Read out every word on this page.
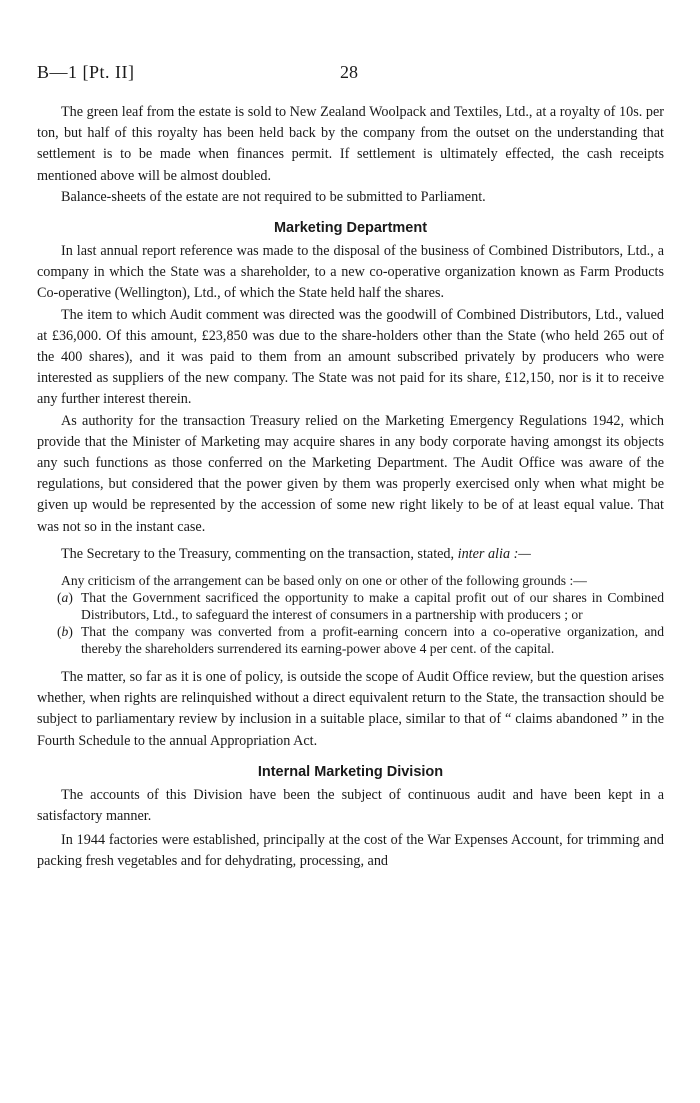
B—1 [Pt. II]	28

The green leaf from the estate is sold to New Zealand Woolpack and Textiles, Ltd., at a royalty of 10s. per ton, but half of this royalty has been held back by the company from the outset on the understanding that settlement is to be made when finances permit. If settlement is ultimately effected, the cash receipts mentioned above will be almost doubled.

Balance-sheets of the estate are not required to be submitted to Parliament.

Marketing Department

In last annual report reference was made to the disposal of the business of Combined Distributors, Ltd., a company in which the State was a shareholder, to a new co-operative organization known as Farm Products Co-operative (Wellington), Ltd., of which the State held half the shares.

The item to which Audit comment was directed was the goodwill of Combined Distributors, Ltd., valued at £36,000. Of this amount, £23,850 was due to the share-holders other than the State (who held 265 out of the 400 shares), and it was paid to them from an amount subscribed privately by producers who were interested as suppliers of the new company. The State was not paid for its share, £12,150, nor is it to receive any further interest therein.

As authority for the transaction Treasury relied on the Marketing Emergency Regulations 1942, which provide that the Minister of Marketing may acquire shares in any body corporate having amongst its objects any such functions as those conferred on the Marketing Department. The Audit Office was aware of the regulations, but considered that the power given by them was properly exercised only when what might be given up would be represented by the accession of some new right likely to be of at least equal value. That was not so in the instant case.

The Secretary to the Treasury, commenting on the transaction, stated, inter alia :—

Any criticism of the arrangement can be based only on one or other of the following grounds :—

(a) That the Government sacrificed the opportunity to make a capital profit out of our shares in Combined Distributors, Ltd., to safeguard the interest of consumers in a partnership with producers ; or

(b) That the company was converted from a profit-earning concern into a co-operative organization, and thereby the shareholders surrendered its earning-power above 4 per cent. of the capital.

The matter, so far as it is one of policy, is outside the scope of Audit Office review, but the question arises whether, when rights are relinquished without a direct equivalent return to the State, the transaction should be subject to parliamentary review by inclusion in a suitable place, similar to that of “ claims abandoned ” in the Fourth Schedule to the annual Appropriation Act.

Internal Marketing Division

The accounts of this Division have been the subject of continuous audit and have been kept in a satisfactory manner.

In 1944 factories were established, principally at the cost of the War Expenses Account, for trimming and packing fresh vegetables and for dehydrating, processing, and
